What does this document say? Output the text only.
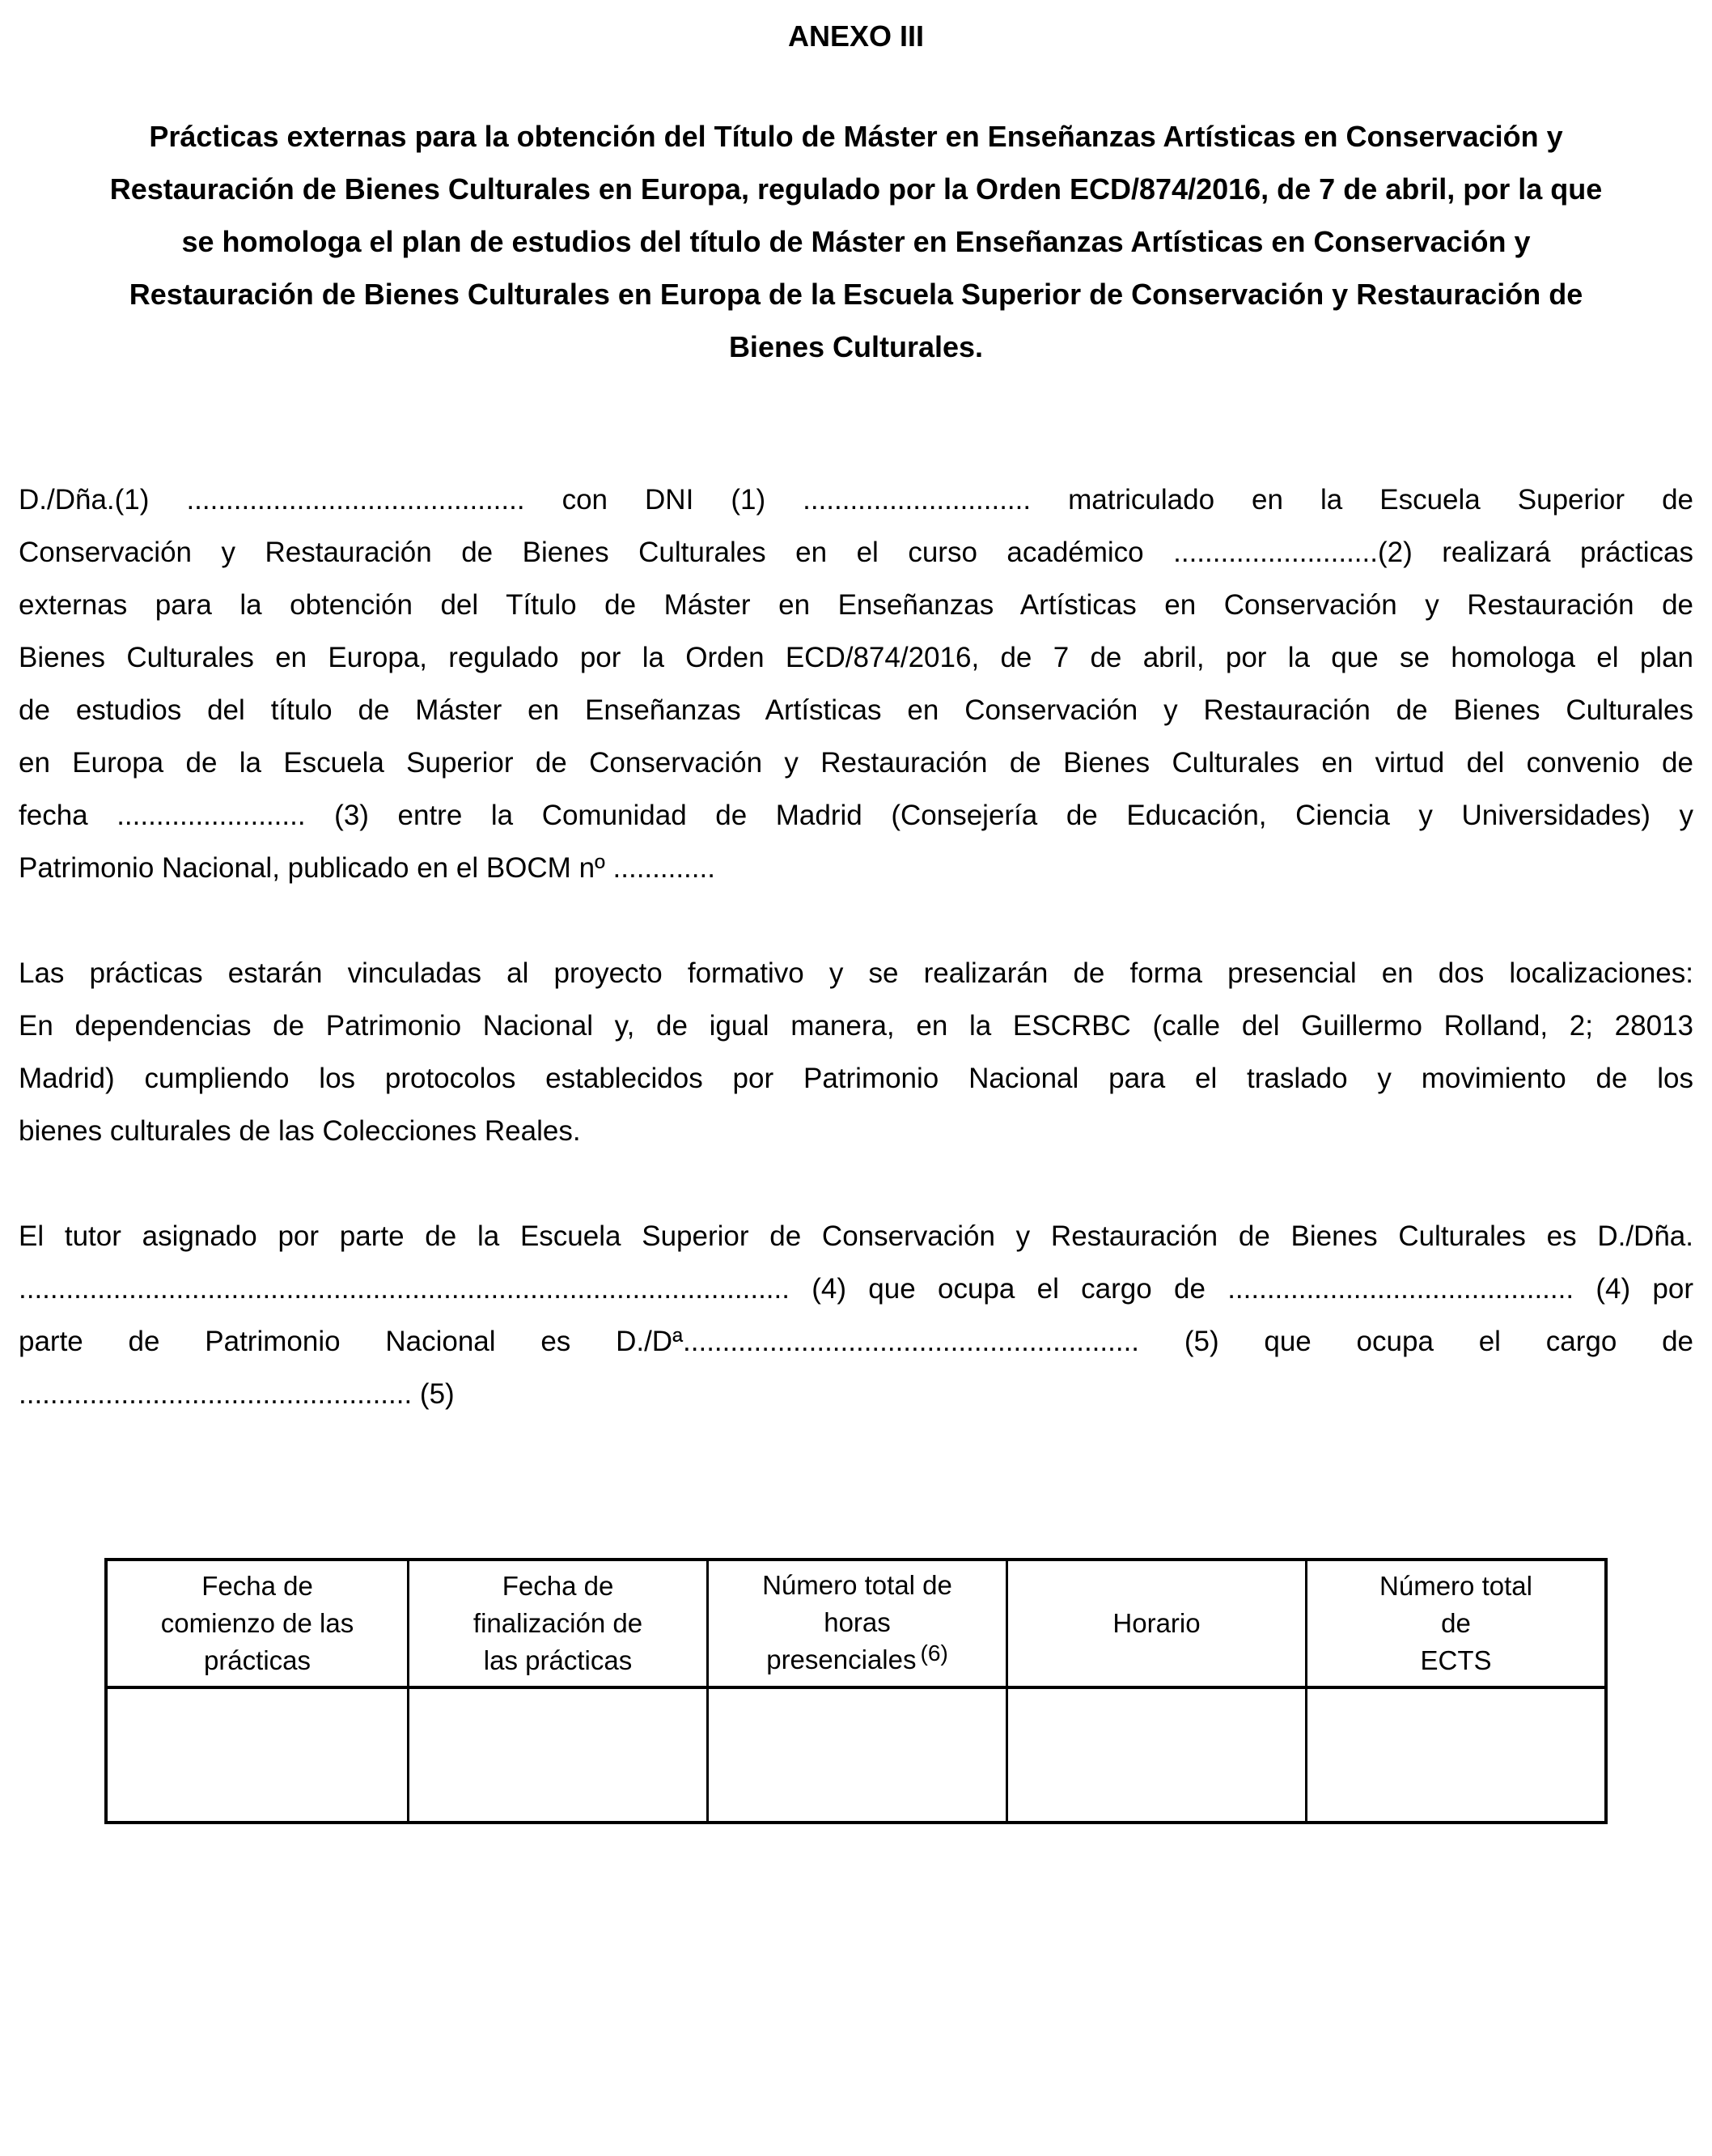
ANEXO III
Prácticas externas para la obtención del Título de Máster en Enseñanzas Artísticas en Conservación y
Restauración de Bienes Culturales en Europa, regulado por la Orden ECD/874/2016, de 7 de abril, por la que
se homologa el plan de estudios del título de Máster en Enseñanzas Artísticas en Conservación y
Restauración de Bienes Culturales en Europa de la Escuela Superior de Conservación y Restauración de
Bienes Culturales.
D./Dña.(1) ........................................... con DNI (1) ............................. matriculado en la Escuela Superior de
Conservación y Restauración de Bienes Culturales en el curso académico ..........................(2) realizará prácticas
externas para la obtención del Título de Máster en Enseñanzas Artísticas en Conservación y Restauración de
Bienes Culturales en Europa, regulado por la Orden ECD/874/2016, de 7 de abril, por la que se homologa el plan
de estudios del título de Máster en Enseñanzas Artísticas en Conservación y Restauración de Bienes Culturales
en Europa de la Escuela Superior de Conservación y Restauración de Bienes Culturales en virtud del convenio de
fecha ........................ (3) entre la Comunidad de Madrid (Consejería de Educación, Ciencia y Universidades) y
Patrimonio Nacional, publicado en el BOCM nº .............
Las prácticas estarán vinculadas al proyecto formativo y se realizarán de forma presencial en dos localizaciones:
En dependencias de Patrimonio Nacional y, de igual manera, en la ESCRBC (calle del Guillermo Rolland, 2; 28013
Madrid) cumpliendo los protocolos establecidos por Patrimonio Nacional para el traslado y movimiento de los
bienes culturales de las Colecciones Reales.
El tutor asignado por parte de la Escuela Superior de Conservación y Restauración de Bienes Culturales es D./Dña.
.................................................................................................. (4) que ocupa el cargo de ............................................ (4) por
parte de Patrimonio Nacional es D./Dª.......................................................... (5) que ocupa el cargo de
.................................................. (5)
Fecha de
comienzo de las
prácticas
Fecha de
finalización de
las prácticas
Número total de
horas
presenciales $^{(6)}$
Horario
Número total
de
ECTS
